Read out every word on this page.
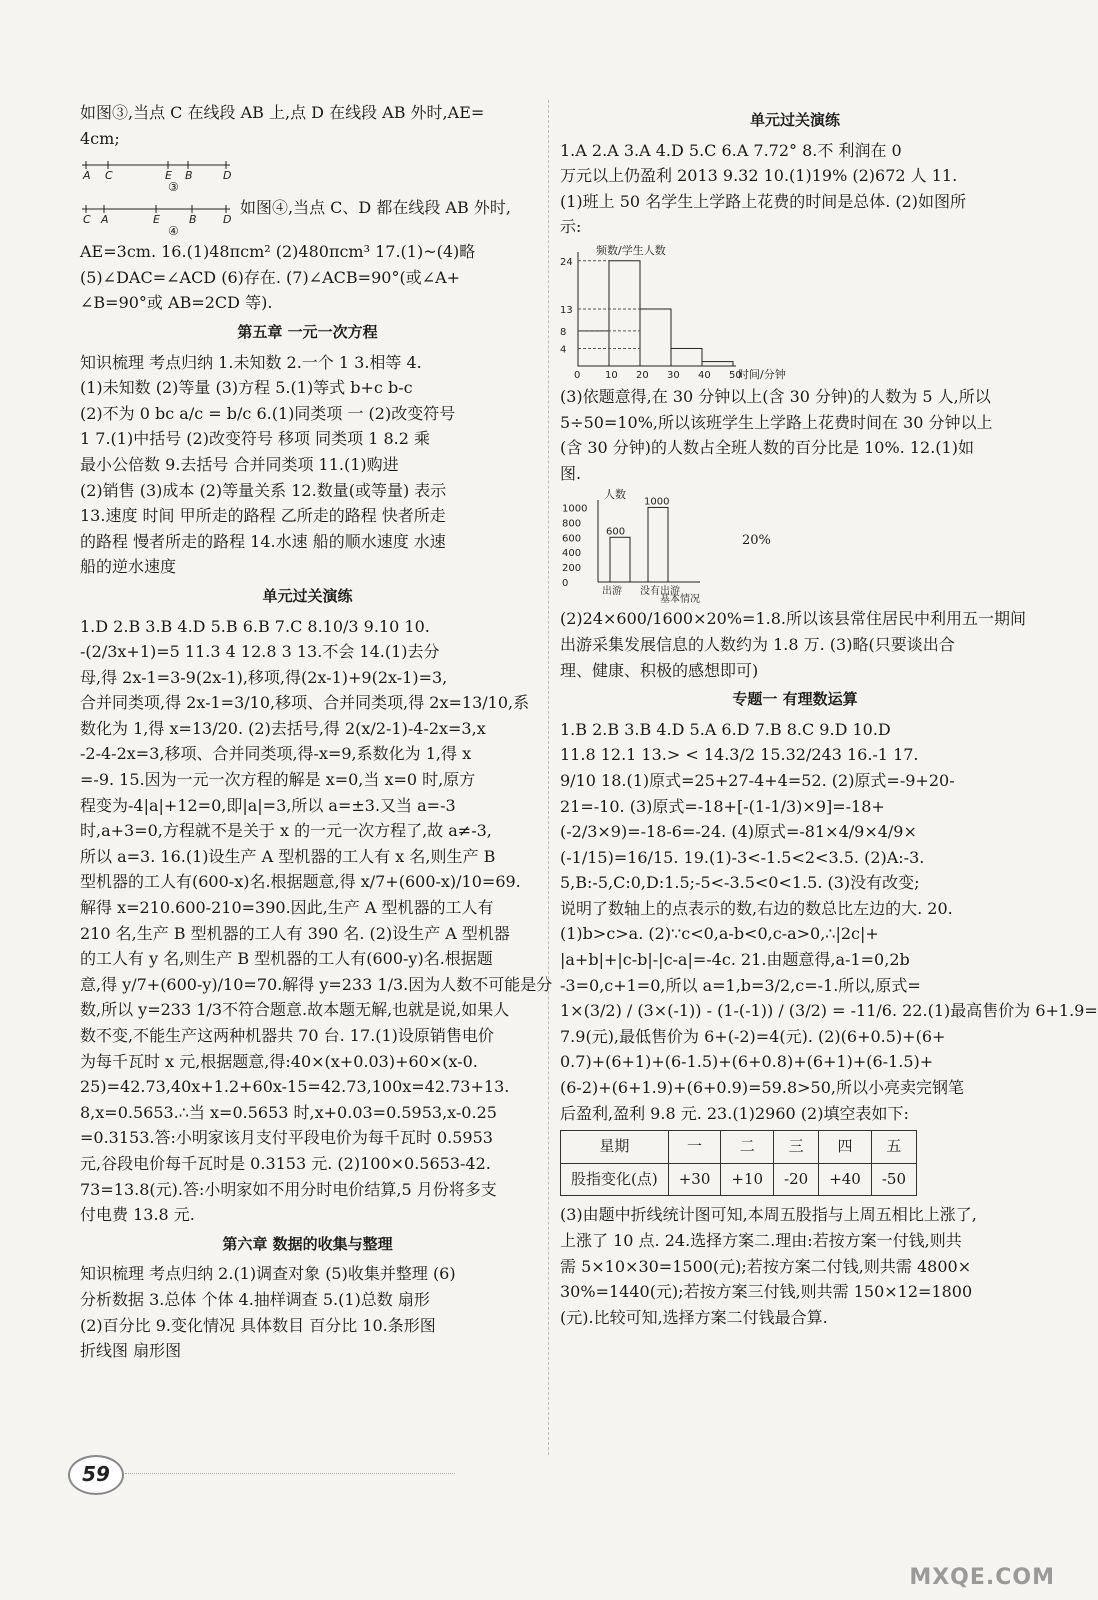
如图③,当点 C 在线段 AB 上,点 D 在线段 AB 外时,AE=
4cm;
A C	E B	D
③
C A	E	B D
④
如图④,当点 C、D 都在线段 AB 外时,
AE=3cm. 16.(1)48πcm² (2)480πcm³ 17.(1)~(4)略
(5)∠DAC=∠ACD (6)存在. (7)∠ACB=90°(或∠A+
∠B=90°或 AB=2CD 等).
第五章 一元一次方程
知识梳理 考点归纳 1.未知数 2.一个 1 3.相等 4.
(1)未知数 (2)等量 (3)方程 5.(1)等式 b+c b-c
(2)不为 0 bc a/c = b/c 6.(1)同类项 一 (2)改变符号
1 7.(1)中括号 (2)改变符号 移项 同类项 1 8.2 乘
最小公倍数 9.去括号 合并同类项 11.(1)购进
(2)销售 (3)成本 (2)等量关系 12.数量(或等量) 表示
13.速度 时间 甲所走的路程 乙所走的路程 快者所走
的路程 慢者所走的路程 14.水速 船的顺水速度 水速
船的逆水速度
单元过关演练
1.D 2.B 3.B 4.D 5.B 6.B 7.C 8.10/3 9.10 10.
-(2/3x+1)=5 11.3 4 12.8 3 13.不会 14.(1)去分
母,得 2x-1=3-9(2x-1),移项,得(2x-1)+9(2x-1)=3,
合并同类项,得 2x-1=3/10,移项、合并同类项,得 2x=13/10,系
数化为 1,得 x=13/20. (2)去括号,得 2(x/2-1)-4-2x=3,x
-2-4-2x=3,移项、合并同类项,得-x=9,系数化为 1,得 x
=-9. 15.因为一元一次方程的解是 x=0,当 x=0 时,原方
程变为-4|a|+12=0,即|a|=3,所以 a=±3.又当 a=-3
时,a+3=0,方程就不是关于 x 的一元一次方程了,故 a≠-3,
所以 a=3. 16.(1)设生产 A 型机器的工人有 x 名,则生产 B
型机器的工人有(600-x)名.根据题意,得 x/7+(600-x)/10=69.
解得 x=210.600-210=390.因此,生产 A 型机器的工人有
210 名,生产 B 型机器的工人有 390 名. (2)设生产 A 型机器
的工人有 y 名,则生产 B 型机器的工人有(600-y)名.根据题
意,得 y/7+(600-y)/10=70.解得 y=233 1/3.因为人数不可能是分
数,所以 y=233 1/3不符合题意.故本题无解,也就是说,如果人
数不变,不能生产这两种机器共 70 台. 17.(1)设原销售电价
为每千瓦时 x 元,根据题意,得:40×(x+0.03)+60×(x-0.
25)=42.73,40x+1.2+60x-15=42.73,100x=42.73+13.
8,x=0.5653.∴当 x=0.5653 时,x+0.03=0.5953,x-0.25
=0.3153.答:小明家该月支付平段电价为每千瓦时 0.5953
元,谷段电价每千瓦时是 0.3153 元. (2)100×0.5653-42.
73=13.8(元).答:小明家如不用分时电价结算,5 月份将多支
付电费 13.8 元.
第六章 数据的收集与整理
知识梳理 考点归纳 2.(1)调查对象 (5)收集并整理 (6)
分析数据 3.总体 个体 4.抽样调查 5.(1)总数 扇形
(2)百分比 9.变化情况 具体数目 百分比 10.条形图
折线图 扇形图
单元过关演练
1.A 2.A 3.A 4.D 5.C 6.A 7.72° 8.不 利润在 0
万元以上仍盈利 2013 9.32 10.(1)19% (2)672 人 11.
(1)班上 50 名学生上学路上花费的时间是总体. (2)如图所
示:
频数/学生人数
时间/分钟
24
13
8
4
0 10 20 30 40 50
(3)依题意得,在 30 分钟以上(含 30 分钟)的人数为 5 人,所以
5÷50=10%,所以该班学生上学路上花费时间在 30 分钟以上
(含 30 分钟)的人数占全班人数的百分比是 10%. 12.(1)如
图.
人数
1000
800
600
400
200
0
600
1000
出游 没有出游
基本情况
20%
(2)24×600/1600×20%=1.8.所以该县常住居民中利用五一期间
出游采集发展信息的人数约为 1.8 万. (3)略(只要谈出合
理、健康、积极的感想即可)
专题一 有理数运算
1.B 2.B 3.B 4.D 5.A 6.D 7.B 8.C 9.D 10.D
11.8 12.1 13.> < 14.3/2 15.32/243 16.-1 17.
9/10 18.(1)原式=25+27-4+4=52. (2)原式=-9+20-
21=-10. (3)原式=-18+[-(1-1/3)×9]=-18+
(-2/3×9)=-18-6=-24. (4)原式=-81×4/9×4/9×
(-1/15)=16/15. 19.(1)-3<-1.5<2<3.5. (2)A:-3.
5,B:-5,C:0,D:1.5;-5<-3.5<0<1.5. (3)没有改变;
说明了数轴上的点表示的数,右边的数总比左边的大. 20.
(1)b>c>a. (2)∵c<0,a-b<0,c-a>0,∴|2c|+
|a+b|+|c-b|-|c-a|=-4c. 21.由题意得,a-1=0,2b
-3=0,c+1=0,所以 a=1,b=3/2,c=-1.所以,原式=
1×(3/2) / (3×(-1)) - (1-(-1)) / (3/2) = -11/6. 22.(1)最高售价为 6+1.9=
7.9(元),最低售价为 6+(-2)=4(元). (2)(6+0.5)+(6+
0.7)+(6+1)+(6-1.5)+(6+0.8)+(6+1)+(6-1.5)+
(6-2)+(6+1.9)+(6+0.9)=59.8>50,所以小亮卖完钢笔
后盈利,盈利 9.8 元. 23.(1)2960 (2)填空表如下:
星期	一	二	三	四	五
股指变化(点)	+30	+10	-20	+40	-50
(3)由题中折线统计图可知,本周五股指与上周五相比上涨了,
上涨了 10 点. 24.选择方案二.理由:若按方案一付钱,则共
需 5×10×30=1500(元);若按方案二付钱,则共需 4800×
30%=1440(元);若按方案三付钱,则共需 150×12=1800
(元).比较可知,选择方案二付钱最合算.
59
MXQE.COM
